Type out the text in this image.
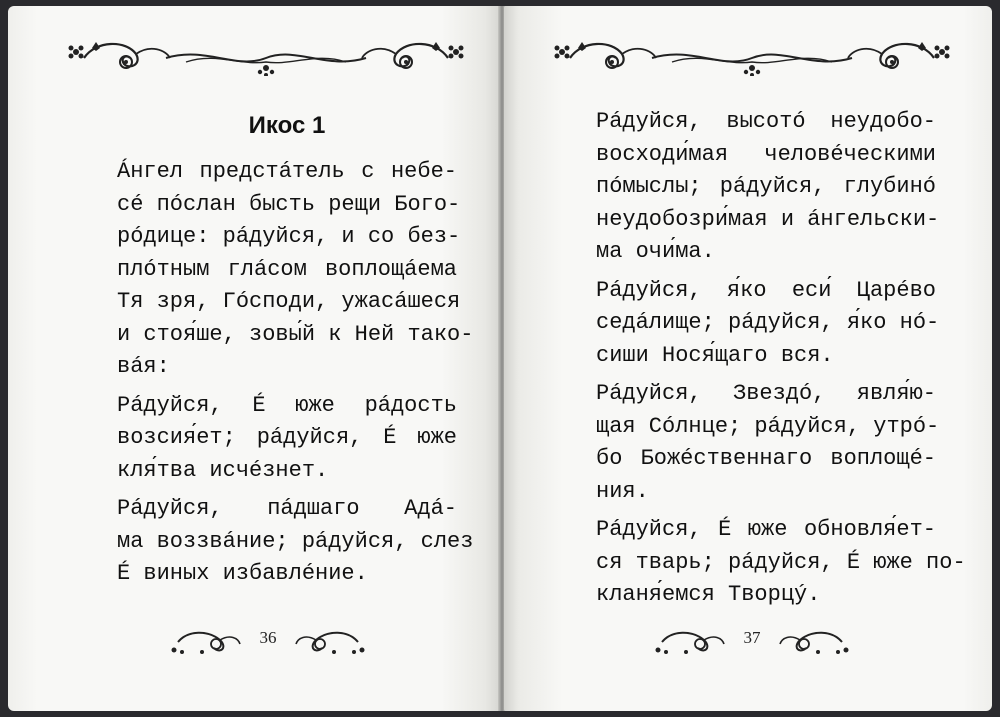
Икос 1
Áнгел предстáтель с небе-
сé пóслан бысть рещи Бого-
рóдице: рáдуйся, и со без-
плóтным глáсом воплощáема
Тя зря, Гóсподи, ужасáшеся
и стоя́ше, зовы́й к Ней тако-
вáя:
Рáдуйся, É юже рáдость
возсия́ет; рáдуйся, É юже
кля́тва исчéзнет.
Рáдуйся, пáдшаго Адá-
ма воззвáние; рáдуйся, слез
É виных избавлéние.
36
Рáдуйся, высотó неудобо-
восходи́мая человéческими
пóмыслы; рáдуйся, глубинó
неудобозри́мая и áнгельски-
ма очи́ма.
Рáдуйся, я́ко еси́ Царéво
седáлище; рáдуйся, я́ко нó-
сиши Нося́щаго вся.
Рáдуйся, Звездó, явля́ю-
щая Сóлнце; рáдуйся, утрó-
бо Божéственнаго воплощé-
ния.
Рáдуйся, É юже обновля́ет-
ся тварь; рáдуйся, É юже по-
кланя́емся Творцý.
37
